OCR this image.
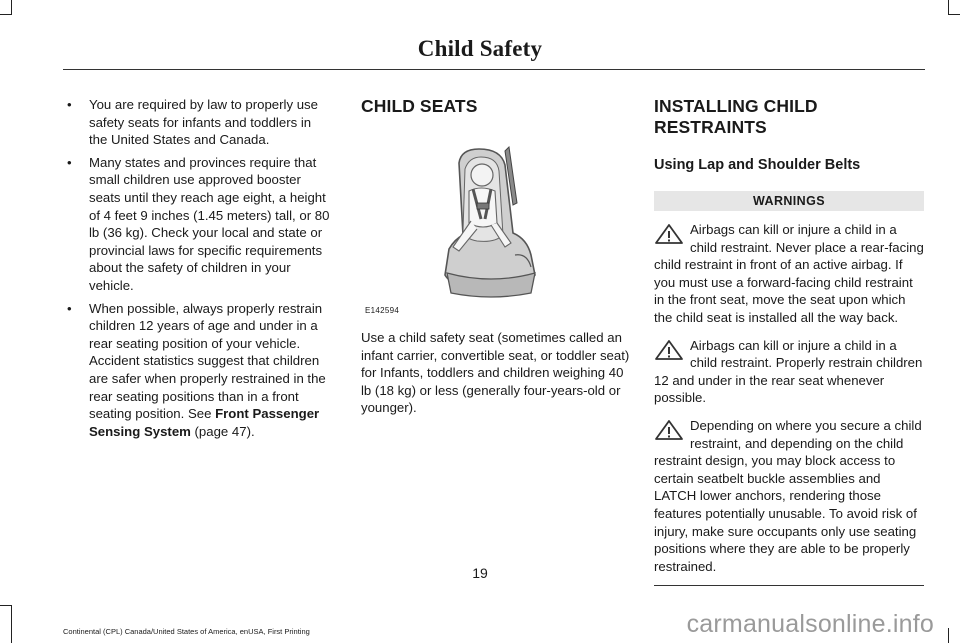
Child Safety
• You are required by law to properly use safety seats for infants and toddlers in the United States and Canada.
• Many states and provinces require that small children use approved booster seats until they reach age eight, a height of 4 feet 9 inches (1.45 meters) tall, or 80 lb (36 kg). Check your local and state or provincial laws for specific requirements about the safety of children in your vehicle.
• When possible, always properly restrain children 12 years of age and under in a rear seating position of your vehicle. Accident statistics suggest that children are safer when properly restrained in the rear seating positions than in a front seating position. See Front Passenger Sensing System (page 47).
CHILD SEATS
E142594

Use a child safety seat (sometimes called an infant carrier, convertible seat, or toddler seat) for Infants, toddlers and children weighing 40 lb (18 kg) or less (generally four-years-old or younger).

INSTALLING CHILD RESTRAINTS
Using Lap and Shoulder Belts
WARNINGS
Airbags can kill or injure a child in a child restraint. Never place a rear-facing child restraint in front of an active airbag. If you must use a forward-facing child restraint in the front seat, move the seat upon which the child seat is installed all the way back.
Airbags can kill or injure a child in a child restraint. Properly restrain children 12 and under in the rear seat whenever possible.
Depending on where you secure a child restraint, and depending on the child restraint design, you may block access to certain seatbelt buckle assemblies and LATCH lower anchors, rendering those features potentially unusable. To avoid risk of injury, make sure occupants only use seating positions where they are able to be properly restrained.
19
Continental (CPL) Canada/United States of America, enUSA, First Printing	carmanualsonline.info
